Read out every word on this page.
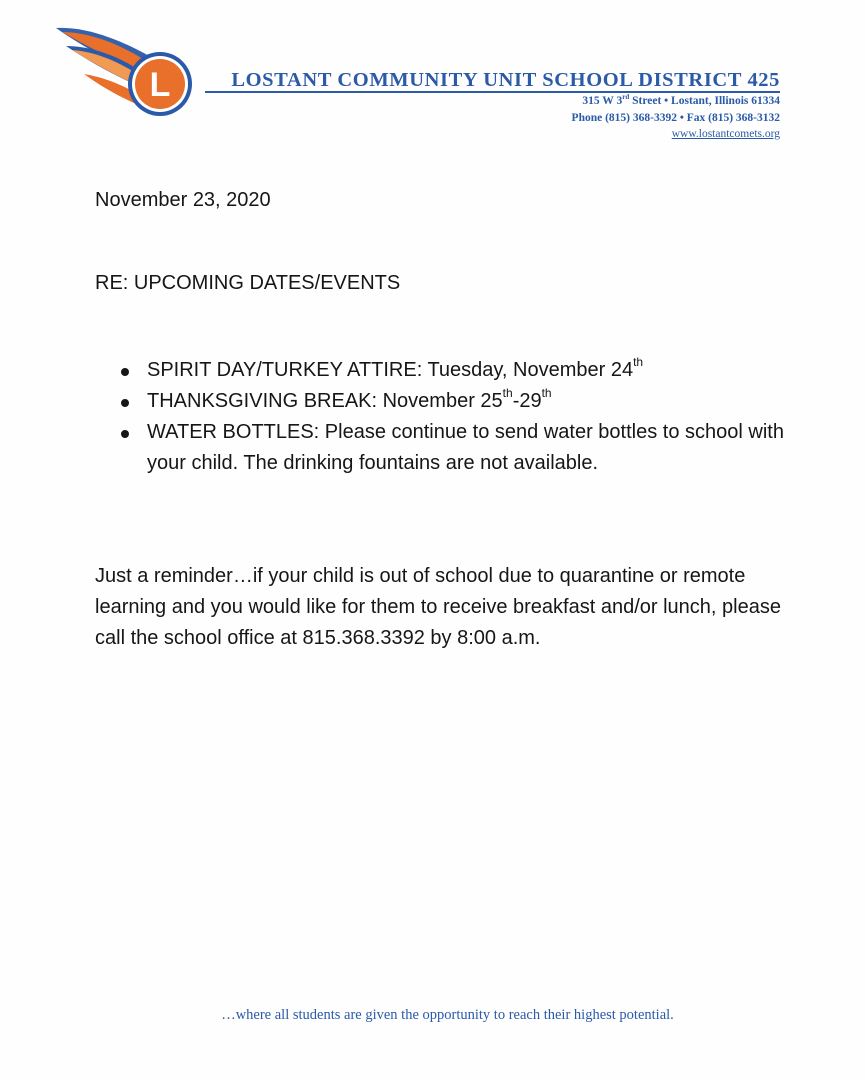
L	LOSTANT COMMUNITY UNIT SCHOOL DISTRICT 425
315 W 3rd Street • Lostant, Illinois 61334
Phone (815) 368-3392 • Fax (815) 368-3132
www.lostantcomets.org
November 23, 2020
RE: UPCOMING DATES/EVENTS
SPIRIT DAY/TURKEY ATTIRE: Tuesday, November 24th
THANKSGIVING BREAK: November 25th-29th
WATER BOTTLES: Please continue to send water bottles to school with your child. The drinking fountains are not available.
Just a reminder…if your child is out of school due to quarantine or remote learning and you would like for them to receive breakfast and/or lunch, please call the school office at 815.368.3392 by 8:00 a.m.
…where all students are given the opportunity to reach their highest potential.
